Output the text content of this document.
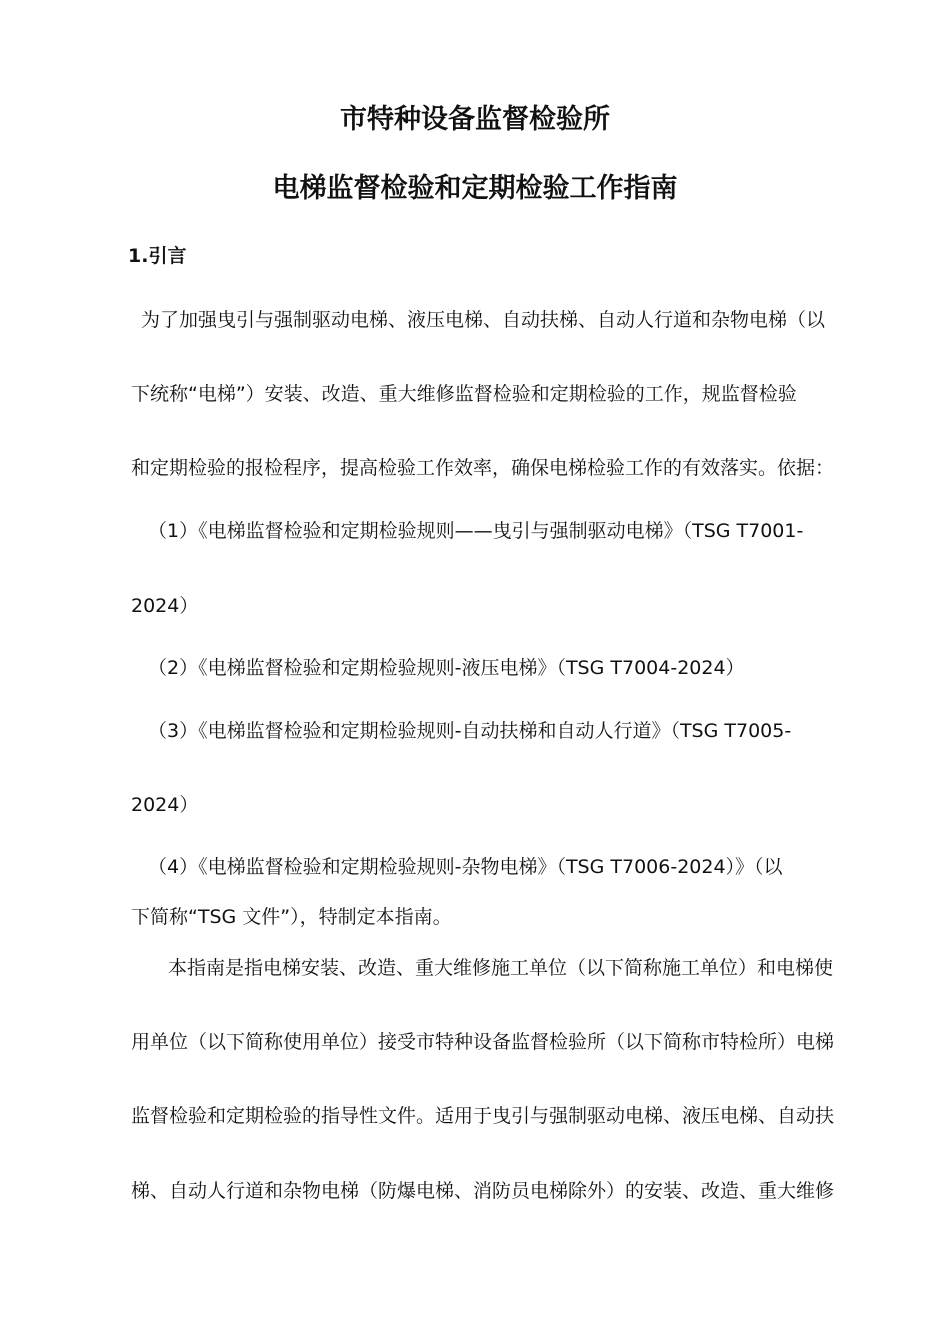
市特种设备监督检验所
电梯监督检验和定期检验工作指南
1.引言
为了加强曳引与强制驱动电梯、液压电梯、自动扶梯、自动人行道和杂物电梯（以
下统称“电梯”）安装、改造、重大维修监督检验和定期检验的工作，规监督检验
和定期检验的报检程序，提高检验工作效率，确保电梯检验工作的有效落实。依据：
（1）《电梯监督检验和定期检验规则——曳引与强制驱动电梯》（TSG T7001-
2024）
（2）《电梯监督检验和定期检验规则-液压电梯》（TSG T7004-2024）
（3）《电梯监督检验和定期检验规则-自动扶梯和自动人行道》（TSG T7005-
2024）
（4）《电梯监督检验和定期检验规则-杂物电梯》（TSG T7006-2024）》（以
下简称“TSG 文件”），特制定本指南。
本指南是指电梯安装、改造、重大维修施工单位（以下简称施工单位）和电梯使
用单位（以下简称使用单位）接受市特种设备监督检验所（以下简称市特检所）电梯
监督检验和定期检验的指导性文件。适用于曳引与强制驱动电梯、液压电梯、自动扶
梯、自动人行道和杂物电梯（防爆电梯、消防员电梯除外）的安装、改造、重大维修
